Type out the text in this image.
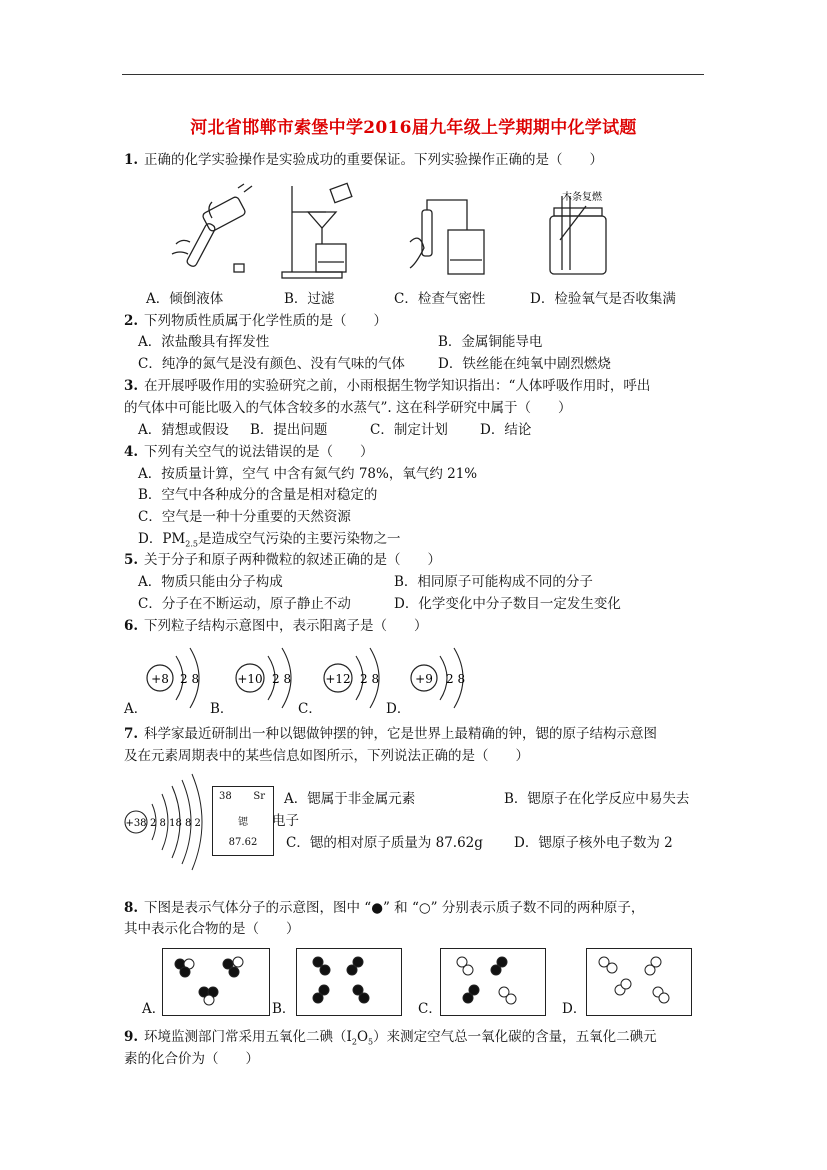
河北省邯郸市索堡中学2016届九年级上学期期中化学试题
1. 正确的化学实验操作是实验成功的重要保证。下列实验操作正确的是（　　）
木条复燃
A．倾倒液体	B．过滤	C．检查气密性	D．检验氧气是否收集满
2. 下列物质性质属于化学性质的是（　　）
A．浓盐酸具有挥发性	B．金属铜能导电
C．纯净的氮气是没有颜色、没有气味的气体 D．铁丝能在纯氧中剧烈燃烧
3. 在开展呼吸作用的实验研究之前，小雨根据生物学知识指出：“人体呼吸作用时，呼出
的气体中可能比吸入的气体含较多的水蒸气”. 这在科学研究中属于（　　）
A．猜想或假设 B．提出问题	C．制定计划 D．结论
4. 下列有关空气的说法错误的是（　　）
A．按质量计算，空气 中含有氮气约 78%，氧气约 21%
B．空气中各种成分的含量是相对稳定的
C．空气是一种十分重要的天然资源
D．$PM_{2.5}$是造成空气污染的主要污染物之一
5. 关于分子和原子两种微粒的叙述正确的是（　　）
A．物质只能由分子构成	B．相同原子可能构成不同的分子
C．分子在不断运动，原子静止不动	D．化学变化中分子数目一定发生变化
6. 下列粒子结构示意图中，表示阳离子是（　　）
+8 2 8	+10 2 8	+12 2 8	+9 2 8
A．	B．	C．	D．
7. 科学家最近研制出一种以锶做钟摆的钟，它是世界上最精确的钟，锶的原子结构示意图
及在元素周期表中的某些信息如图所示，下列说法正确的是（　　）
+38 2 8 18 8 2
38 Sr
锶
87.62
A．锶属于非金属元素	B．锶原子在化学反应中易失去
电子
C．锶的相对原子质量为 87.62g D．锶原子核外电子数为 2
8. 下图是表示气体分子的示意图，图中 “●” 和 “○” 分别表示质子数不同的两种原子，
其中表示化合物的是（　　）
A．	B．	C．	D．
9. 环境监测部门常采用五氧化二碘$(I_2O_5)$来测定空气总一氧化碳的含量，五氧化二碘元
素的化合价为（　　）
